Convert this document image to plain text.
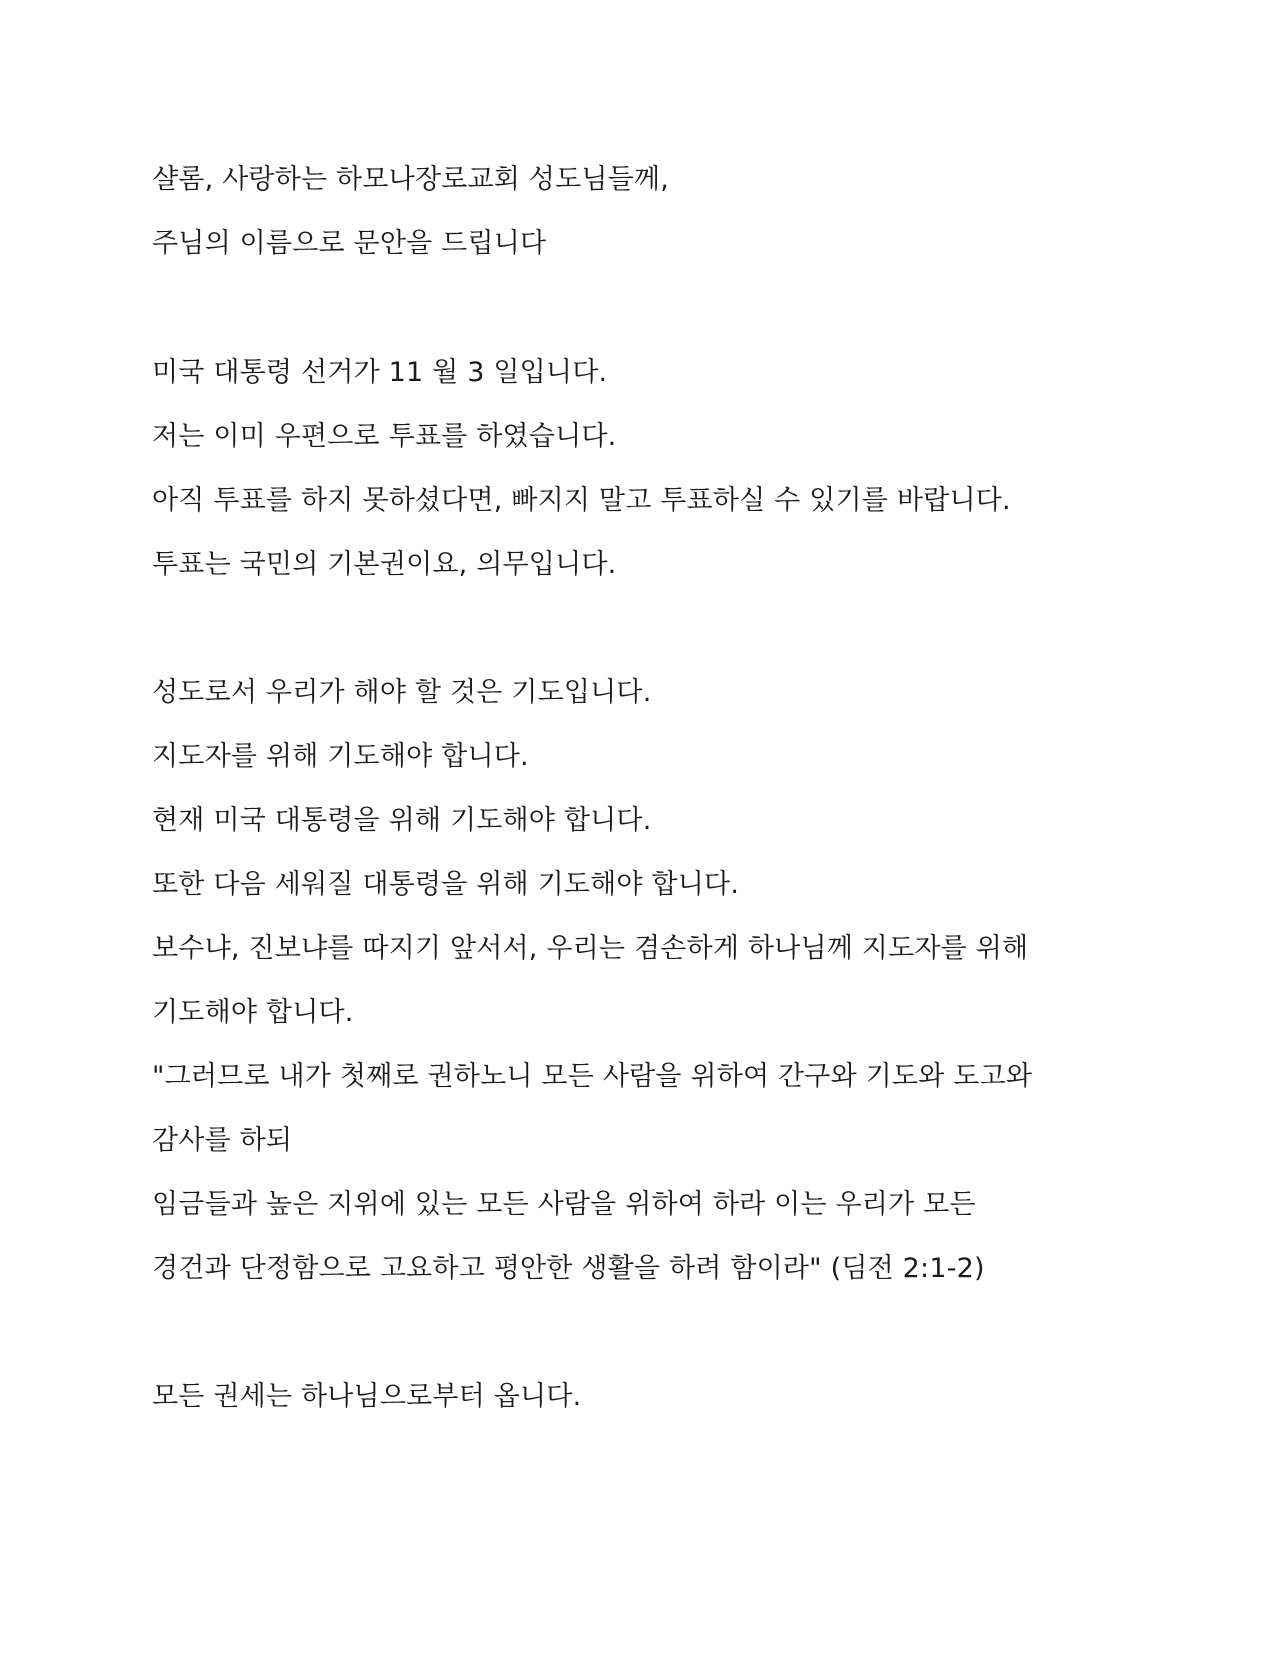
샬롬, 사랑하는 하모나장로교회 성도님들께,

주님의 이름으로 문안을 드립니다

미국 대통령 선거가 11 월 3 일입니다.

저는 이미 우편으로 투표를 하였습니다.

아직 투표를 하지 못하셨다면, 빠지지 말고 투표하실 수 있기를 바랍니다.

투표는 국민의 기본권이요, 의무입니다.

성도로서 우리가 해야 할 것은 기도입니다.

지도자를 위해 기도해야 합니다.

현재 미국 대통령을 위해 기도해야 합니다.

또한 다음 세워질 대통령을 위해 기도해야 합니다.

보수냐, 진보냐를 따지기 앞서서, 우리는 겸손하게 하나님께 지도자를 위해

기도해야 합니다.

"그러므로 내가 첫째로 권하노니 모든 사람을 위하여 간구와 기도와 도고와

감사를 하되

임금들과 높은 지위에 있는 모든 사람을 위하여 하라 이는 우리가 모든

경건과 단정함으로 고요하고 평안한 생활을 하려 함이라" (딤전 2:1-2)

모든 권세는 하나님으로부터 옵니다.
